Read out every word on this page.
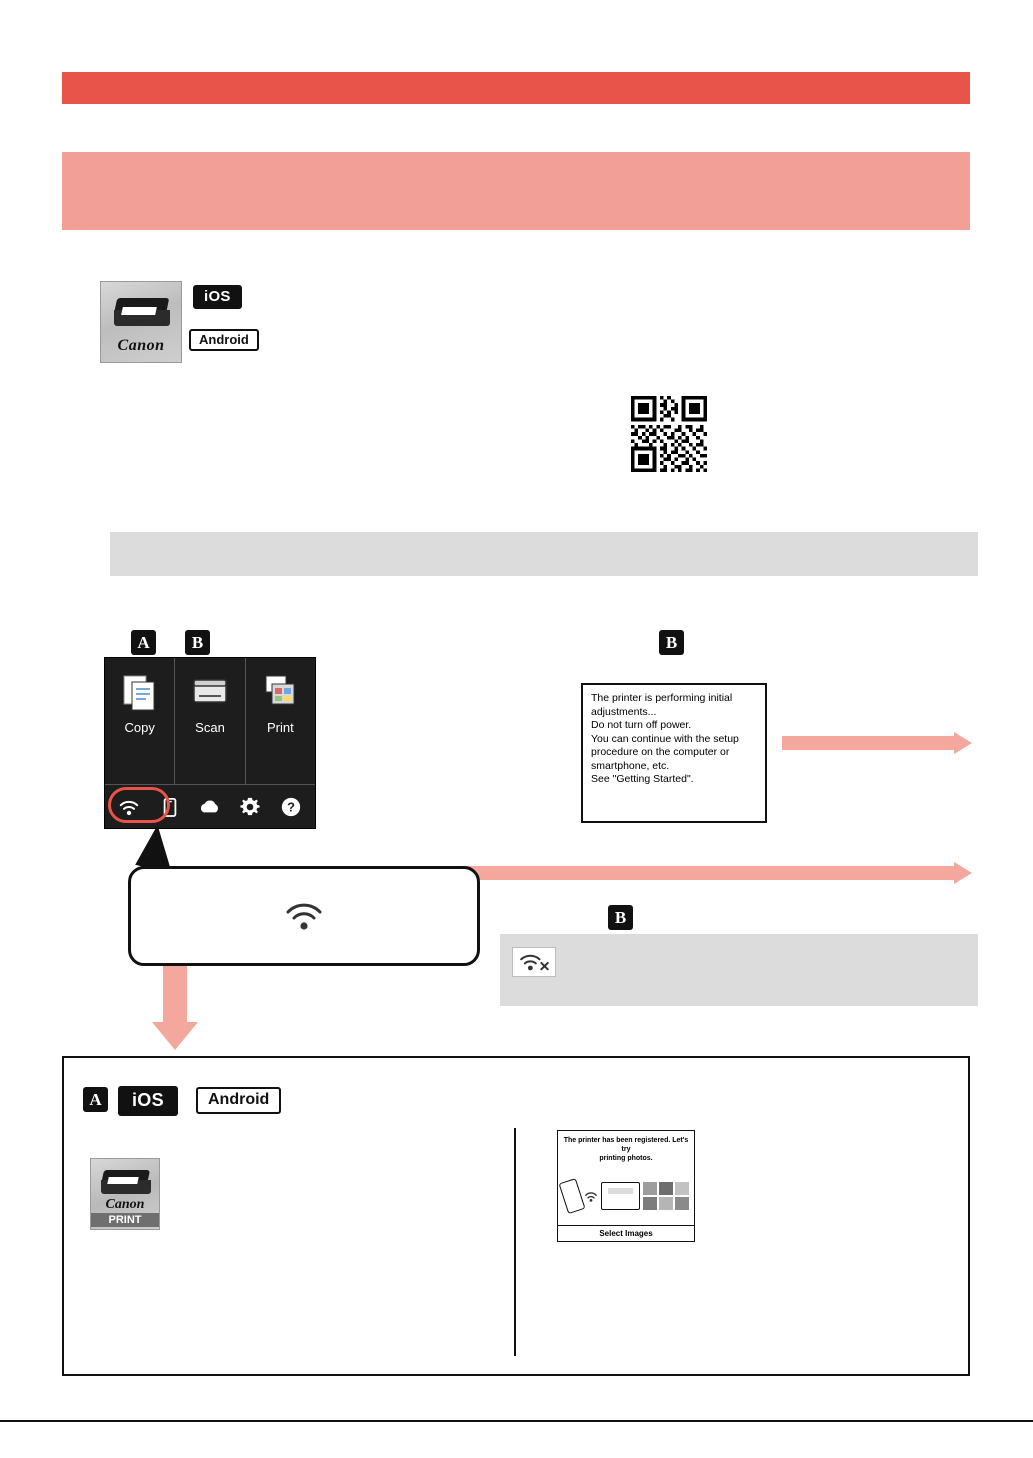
Canon
iOS
Android
A	B	B
B
Copy	Scan	Print
?
The printer is performing initial
adjustments...
Do not turn off power.
You can continue with the setup
procedure on the computer or
smartphone, etc.
See "Getting Started".
A	iOS	Android
Canon
PRINT
The printer has been registered. Let's try
printing photos.
Select Images
